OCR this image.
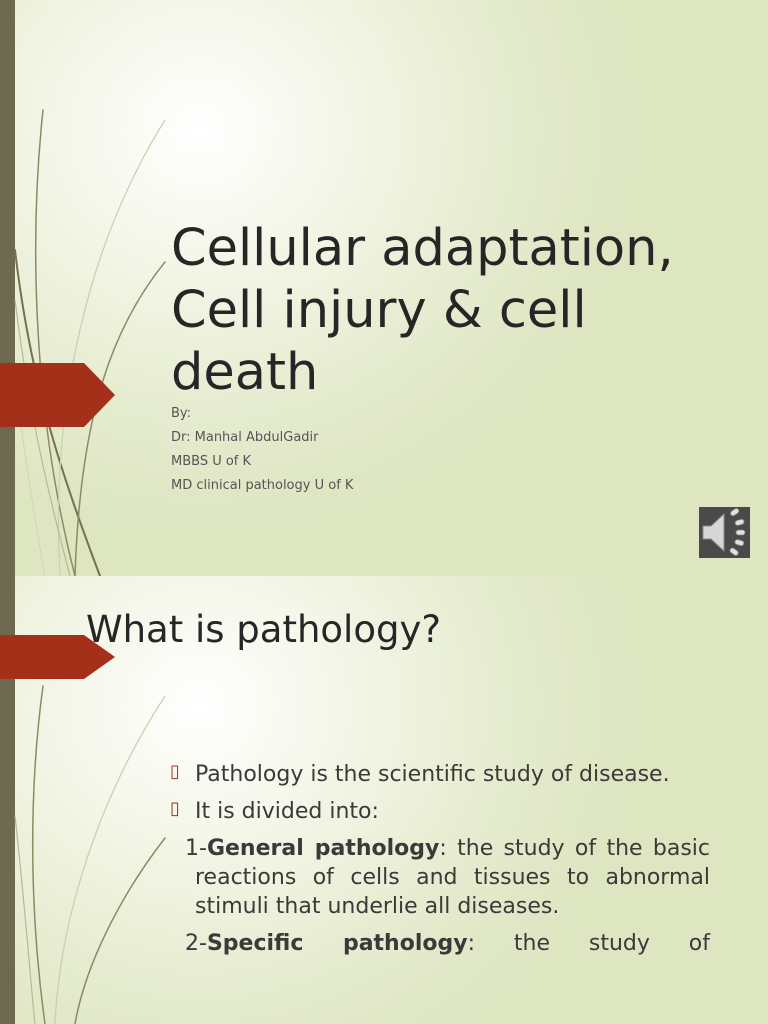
Cellular adaptation,
Cell injury & cell
death
By:
Dr: Manhal AbdulGadir
MBBS U of K
MD clinical pathology U of K
What is pathology?
▯ Pathology is the scientific study of disease.
▯ It is divided into:
1-General pathology: the study of the basic reactions of cells and tissues to abnormal stimuli that underlie all diseases.
2-Specific pathology: the study of
